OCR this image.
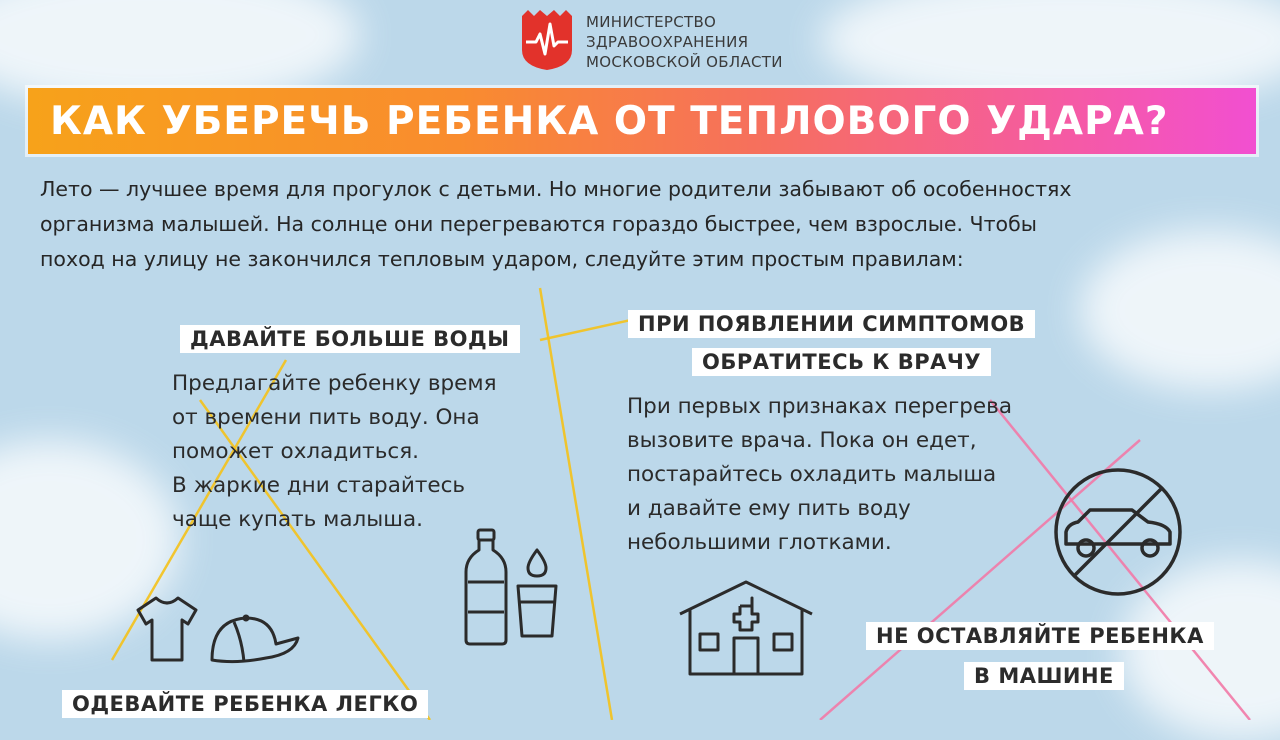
МИНИСТЕРСТВО
ЗДРАВООХРАНЕНИЯ
МОСКОВСКОЙ ОБЛАСТИ
КАК УБЕРЕЧЬ РЕБЕНКА ОТ ТЕПЛОВОГО УДАРА?
Лето — лучшее время для прогулок с детьми. Но многие родители забывают об особенностях
организма малышей. На солнце они перегреваются гораздо быстрее, чем взрослые. Чтобы
поход на улицу не закончился тепловым ударом, следуйте этим простым правилам:
ДАВАЙТЕ БОЛЬШЕ ВОДЫ
Предлагайте ребенку время
от времени пить воду. Она
поможет охладиться.
В жаркие дни старайтесь
чаще купать малыша.
ОДЕВАЙТЕ РЕБЕНКА ЛЕГКО
ПРИ ПОЯВЛЕНИИ СИМПТОМОВ
ОБРАТИТЕСЬ К ВРАЧУ
При первых признаках перегрева
вызовите врача. Пока он едет,
постарайтесь охладить малыша
и давайте ему пить воду
небольшими глотками.
НЕ ОСТАВЛЯЙТЕ РЕБЕНКА
В МАШИНЕ
